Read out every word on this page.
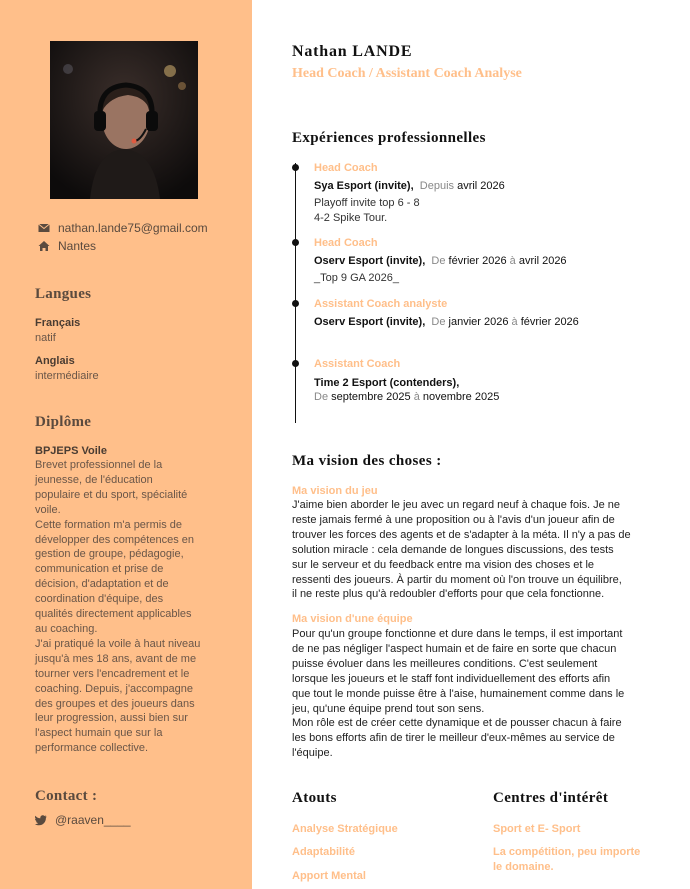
nathan.lande75@gmail.com
Nantes
Langues
Français
natif
Anglais
intermédiaire
Diplôme
BPJEPS Voile
Brevet professionnel de la
jeunesse, de l'éducation
populaire et du sport, spécialité
voile.
Cette formation m'a permis de
développer des compétences en
gestion de groupe, pédagogie,
communication et prise de
décision, d'adaptation et de
coordination d'équipe, des
qualités directement applicables
au coaching.
J'ai pratiqué la voile à haut niveau
jusqu'à mes 18 ans, avant de me
tourner vers l'encadrement et le
coaching. Depuis, j'accompagne
des groupes et des joueurs dans
leur progression, aussi bien sur
l'aspect humain que sur la
performance collective.
Contact :
@raaven____
Nathan LANDE
Head Coach / Assistant Coach Analyse
Expériences professionnelles
Head Coach
Sya Esport (invite), Depuis avril 2026
Playoff invite top 6 - 8
4-2 Spike Tour.
Head Coach
Oserv Esport (invite), De février 2026 à avril 2026
_Top 9 GA 2026_
Assistant Coach analyste
Oserv Esport (invite), De janvier 2026 à février 2026
Assistant Coach
Time 2 Esport (contenders),
De septembre 2025 à novembre 2025
Ma vision des choses :
Ma vision du jeu
J'aime bien aborder le jeu avec un regard neuf à chaque fois. Je ne
reste jamais fermé à une proposition ou à l'avis d'un joueur afin de
trouver les forces des agents et de s'adapter à la méta. Il n'y a pas de
solution miracle : cela demande de longues discussions, des tests
sur le serveur et du feedback entre ma vision des choses et le
ressenti des joueurs. À partir du moment où l'on trouve un équilibre,
il ne reste plus qu'à redoubler d'efforts pour que cela fonctionne.
Ma vision d'une équipe
Pour qu'un groupe fonctionne et dure dans le temps, il est important
de ne pas négliger l'aspect humain et de faire en sorte que chacun
puisse évoluer dans les meilleures conditions. C'est seulement
lorsque les joueurs et le staff font individuellement des efforts afin
que tout le monde puisse être à l'aise, humainement comme dans le
jeu, qu'une équipe prend tout son sens.
Mon rôle est de créer cette dynamique et de pousser chacun à faire
les bons efforts afin de tirer le meilleur d'eux-mêmes au service de
l'équipe.
Atouts
Analyse Stratégique
Adaptabilité
Apport Mental
Centres d'intérêt
Sport et E- Sport
La compétition, peu importe
le domaine.
